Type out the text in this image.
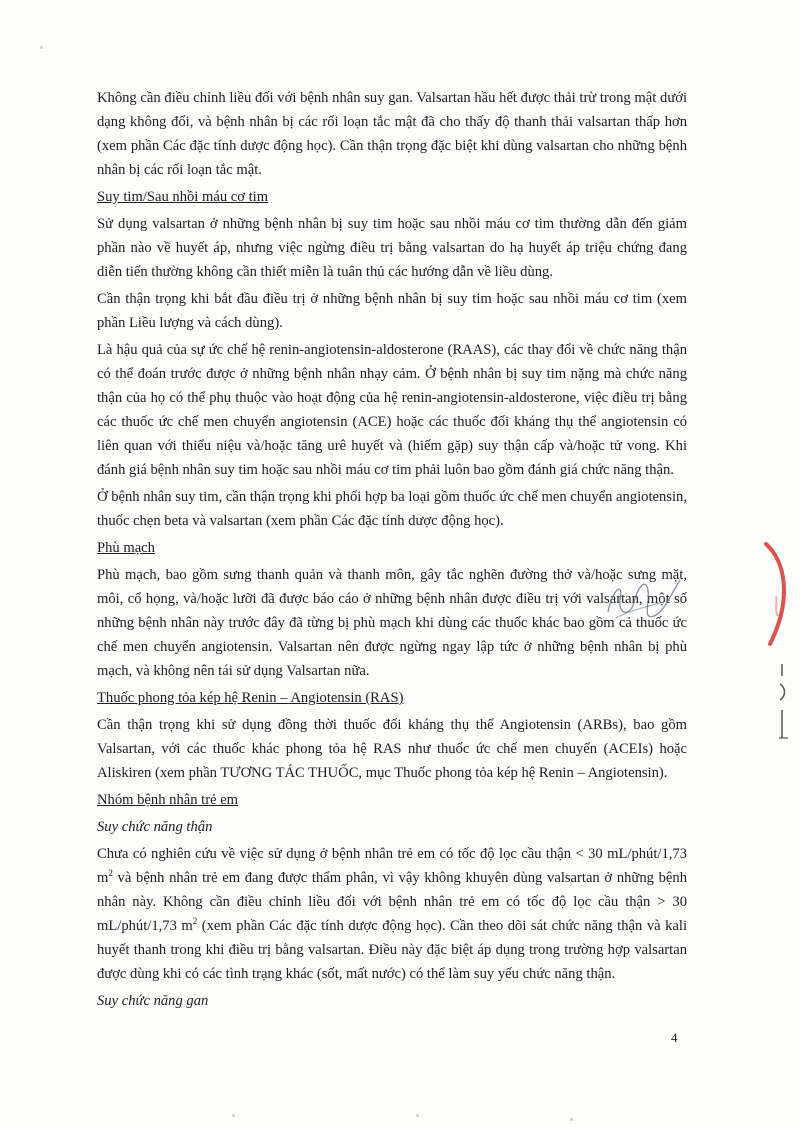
Không cần điều chỉnh liều đối với bệnh nhân suy gan. Valsartan hầu hết được thải trừ trong mật dưới dạng không đổi, và bệnh nhân bị các rối loạn tắc mật đã cho thấy độ thanh thải valsartan thấp hơn (xem phần Các đặc tính dược động học). Cần thận trọng đặc biệt khi dùng valsartan cho những bệnh nhân bị các rối loạn tắc mật.

Suy tim/Sau nhồi máu cơ tim

Sử dụng valsartan ở những bệnh nhân bị suy tim hoặc sau nhồi máu cơ tim thường dẫn đến giảm phần nào về huyết áp, nhưng việc ngừng điều trị bằng valsartan do hạ huyết áp triệu chứng đang diễn tiến thường không cần thiết miễn là tuân thủ các hướng dẫn về liều dùng.

Cần thận trọng khi bắt đầu điều trị ở những bệnh nhân bị suy tim hoặc sau nhồi máu cơ tim (xem phần Liều lượng và cách dùng).

Là hậu quả của sự ức chế hệ renin-angiotensin-aldosterone (RAAS), các thay đổi về chức năng thận có thể đoán trước được ở những bệnh nhân nhạy cảm. Ở bệnh nhân bị suy tim nặng mà chức năng thận của họ có thể phụ thuộc vào hoạt động của hệ renin-angiotensin-aldosterone, việc điều trị bằng các thuốc ức chế men chuyển angiotensin (ACE) hoặc các thuốc đối kháng thụ thể angiotensin có liên quan với thiểu niệu và/hoặc tăng urê huyết và (hiếm gặp) suy thận cấp và/hoặc tử vong. Khi đánh giá bệnh nhân suy tim hoặc sau nhồi máu cơ tim phải luôn bao gồm đánh giá chức năng thận.

Ở bệnh nhân suy tim, cần thận trọng khi phối hợp ba loại gồm thuốc ức chế men chuyển angiotensin, thuốc chẹn beta và valsartan (xem phần Các đặc tính dược động học).

Phù mạch

Phù mạch, bao gồm sưng thanh quản và thanh môn, gây tắc nghẽn đường thở và/hoặc sưng mặt, môi, cổ họng, và/hoặc lưỡi đã được báo cáo ở những bệnh nhân được điều trị với valsartan, một số những bệnh nhân này trước đây đã từng bị phù mạch khi dùng các thuốc khác bao gồm cả thuốc ức chế men chuyển angiotensin. Valsartan nên được ngừng ngay lập tức ở những bệnh nhân bị phù mạch, và không nên tái sử dụng Valsartan nữa.

Thuốc phong tỏa kép hệ Renin – Angiotensin (RAS)

Cần thận trọng khi sử dụng đồng thời thuốc đối kháng thụ thể Angiotensin (ARBs), bao gồm Valsartan, với các thuốc khác phong tỏa hệ RAS như thuốc ức chế men chuyển (ACEIs) hoặc Aliskiren (xem phần TƯƠNG TÁC THUỐC, mục Thuốc phong tỏa kép hệ Renin – Angiotensin).

Nhóm bệnh nhân trẻ em
Suy chức năng thận

Chưa có nghiên cứu về việc sử dụng ở bệnh nhân trẻ em có tốc độ lọc cầu thận < 30 mL/phút/1,73 $m^2$ và bệnh nhân trẻ em đang được thẩm phân, vì vậy không khuyên dùng valsartan ở những bệnh nhân này. Không cần điều chỉnh liều đối với bệnh nhân trẻ em có tốc độ lọc cầu thận > 30 mL/phút/1,73 $m^2$ (xem phần Các đặc tính dược động học). Cần theo dõi sát chức năng thận và kali huyết thanh trong khi điều trị bằng valsartan. Điều này đặc biệt áp dụng trong trường hợp valsartan được dùng khi có các tình trạng khác (sốt, mất nước) có thể làm suy yếu chức năng thận.

Suy chức năng gan
4
